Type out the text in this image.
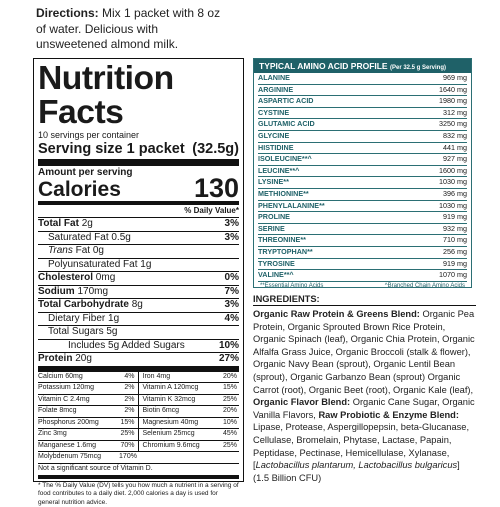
Directions: Mix 1 packet with 8 oz of water. Delicious with unsweetened almond milk.
Nutrition Facts
10 servings per container
Serving size 1 packet (32.5g)
Amount per serving
Calories	130
% Daily Value*
Total Fat 2g	3%
Saturated Fat 0.5g	3%
Trans Fat 0g
Polyunsaturated Fat 1g
Cholesterol 0mg	0%
Sodium 170mg	7%
Total Carbohydrate 8g	3%
Dietary Fiber 1g	4%
Total Sugars 5g
Includes 5g Added Sugars	10%
Protein 20g	27%
Calcium 60mg	4% Iron 4mg	20%
Potassium 120mg	2% Vitamin A 120mcg	15%
Vitamin C 2.4mg	2% Vitamin K 32mcg	25%
Folate 8mcg	2% Biotin 6mcg	20%
Phosphorus 200mg	15% Magnesium 40mg	10%
Zinc 3mg	25% Selenium 25mcg	45%
Manganese 1.6mg	70% Chromium 9.6mcg	25%
Molybdenum 75mcg	170%
Not a significant source of Vitamin D.
* The % Daily Value (DV) tells you how much a nutrient in a serving of food contributes to a daily diet. 2,000 calories a day is used for general nutrition advice.
TYPICAL AMINO ACID PROFILE (Per 32.5 g Serving)
ALANINE	969 mg
ARGININE	1640 mg
ASPARTIC ACID	1980 mg
CYSTINE	312 mg
GLUTAMIC ACID	3250 mg
GLYCINE	832 mg
HISTIDINE	441 mg
ISOLEUCINE**^	927 mg
LEUCINE**^	1600 mg
LYSINE**	1030 mg
METHIONINE**	396 mg
PHENYLALANINE**	1030 mg
PROLINE	919 mg
SERINE	932 mg
THREONINE**	710 mg
TRYPTOPHAN**	256 mg
TYROSINE	919 mg
VALINE**^	1070 mg
**Essential Amino Acids	^Branched Chain Amino Acids
INGREDIENTS:
Organic Raw Protein & Greens Blend: Organic Pea Protein, Organic Sprouted Brown Rice Protein, Organic Spinach (leaf), Organic Chia Protein, Organic Alfalfa Grass Juice, Organic Broccoli (stalk & flower), Organic Navy Bean (sprout), Organic Lentil Bean (sprout), Organic Garbanzo Bean (sprout) Organic Carrot (root), Organic Beet (root), Organic Kale (leaf), Organic Flavor Blend: Organic Cane Sugar, Organic Vanilla Flavors, Raw Probiotic & Enzyme Blend: Lipase, Protease, Aspergillopepsin, beta-Glucanase, Cellulase, Bromelain, Phytase, Lactase, Papain, Peptidase, Pectinase, Hemicellulase, Xylanase, [Lactobacillus plantarum, Lactobacillus bulgaricus] (1.5 Billion CFU)
